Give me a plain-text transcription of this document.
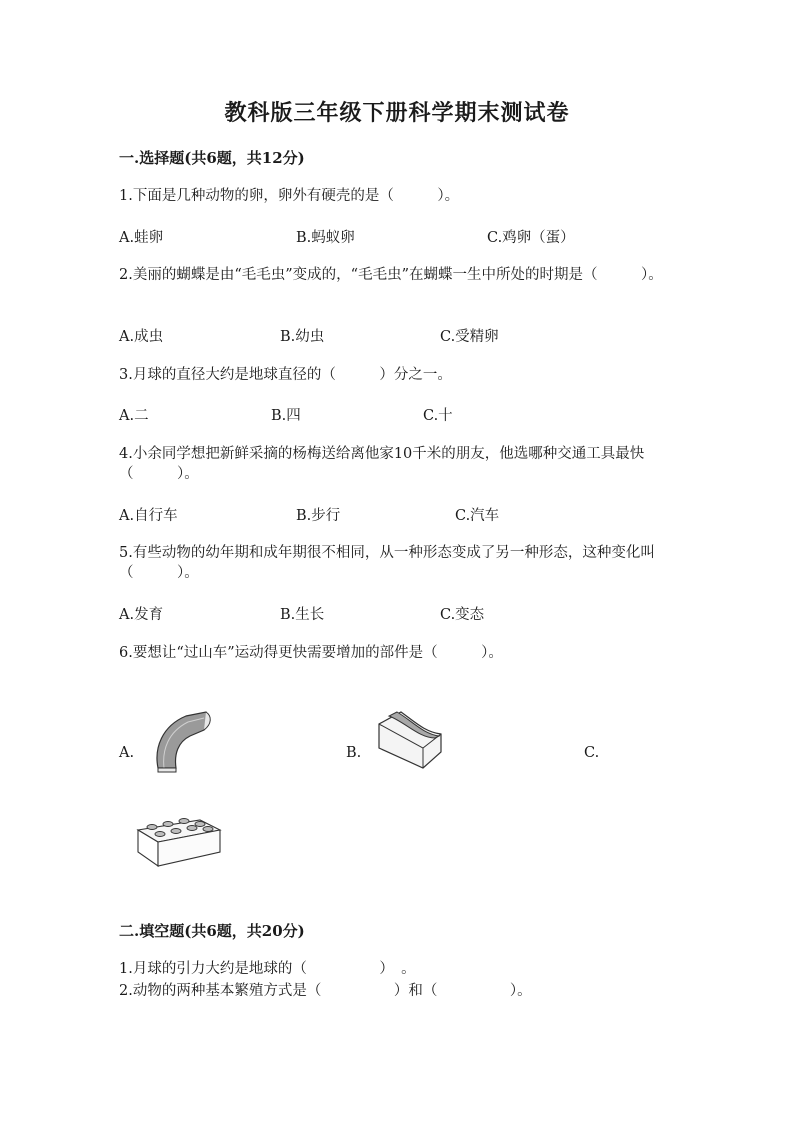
教科版三年级下册科学期末测试卷
一.选择题(共6题，共12分)
1.下面是几种动物的卵，卵外有硬壳的是（　　　）。
A.蛙卵	B.蚂蚁卵	C.鸡卵（蛋）
2.美丽的蝴蝶是由“毛毛虫”变成的，“毛毛虫”在蝴蝶一生中所处的时期是（　　　）。
A.成虫	B.幼虫	C.受精卵
3.月球的直径大约是地球直径的（　　　）分之一。
A.二	B.四	C.十
4.小余同学想把新鲜采摘的杨梅送给离他家10千米的朋友，他选哪种交通工具最快（　　　）。
A.自行车	B.步行	C.汽车
5.有些动物的幼年期和成年期很不相同，从一种形态变成了另一种形态，这种变化叫（　　　）。
A.发育	B.生长	C.变态
6.要想让“过山车”运动得更快需要增加的部件是（　　　）。
A.	B.	C.
二.填空题(共6题，共20分)
1.月球的引力大约是地球的（　　　　　）　。
2.动物的两种基本繁殖方式是（　　　　　）和（　　　　　）。
